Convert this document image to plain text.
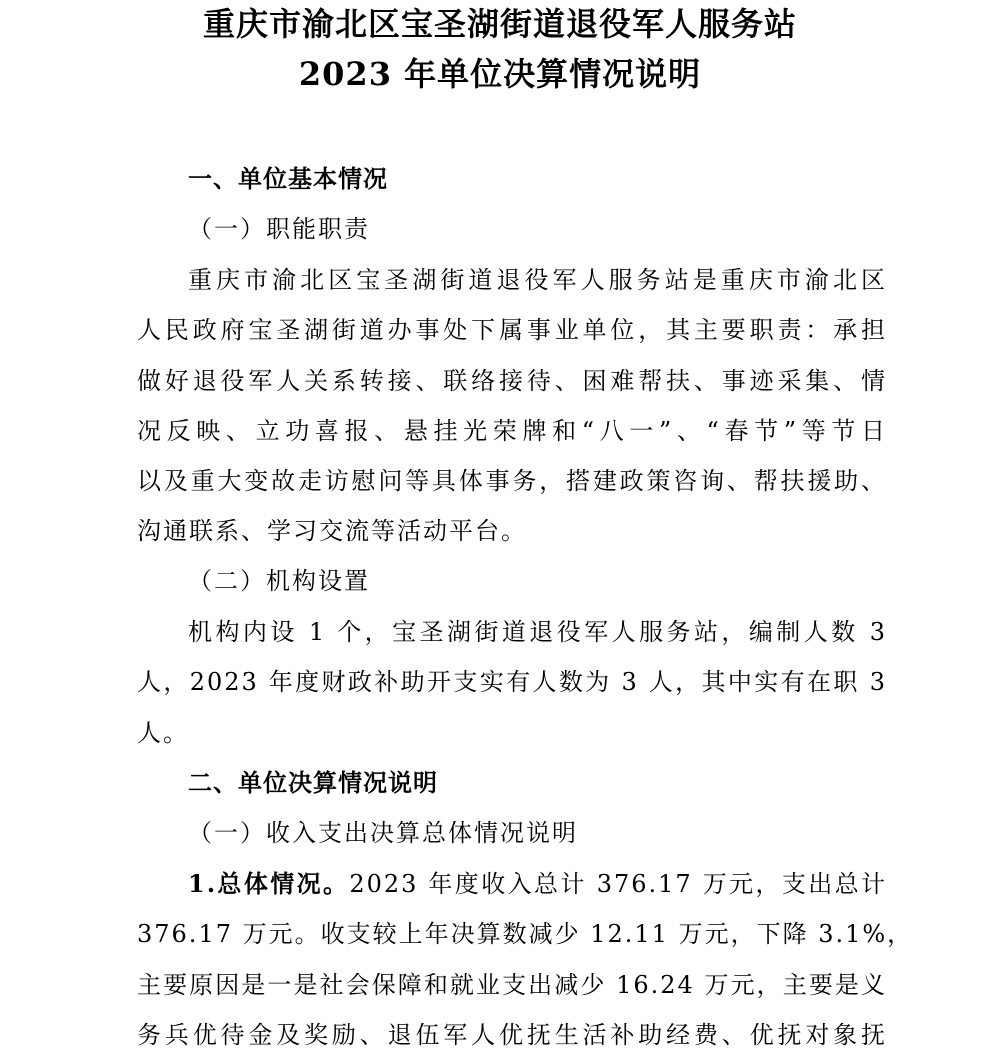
重庆市渝北区宝圣湖街道退役军人服务站
2023 年单位决算情况说明
一、单位基本情况
（一）职能职责
重庆市渝北区宝圣湖街道退役军人服务站是重庆市渝北区
人民政府宝圣湖街道办事处下属事业单位，其主要职责：承担
做好退役军人关系转接、联络接待、困难帮扶、事迹采集、情
况反映、立功喜报、悬挂光荣牌和“八一”、“春节”等节日
以及重大变故走访慰问等具体事务，搭建政策咨询、帮扶援助、
沟通联系、学习交流等活动平台。
（二）机构设置
机构内设 1 个，宝圣湖街道退役军人服务站，编制人数 3
人，2023 年度财政补助开支实有人数为 3 人，其中实有在职 3
人。
二、单位决算情况说明
（一）收入支出决算总体情况说明
1.总体情况。2023 年度收入总计 376.17 万元，支出总计
376.17 万元。收支较上年决算数减少 12.11 万元，下降 3.1%，
主要原因是一是社会保障和就业支出减少 16.24 万元，主要是义
务兵优待金及奖励、退伍军人优抚生活补助经费、优抚对象抚
